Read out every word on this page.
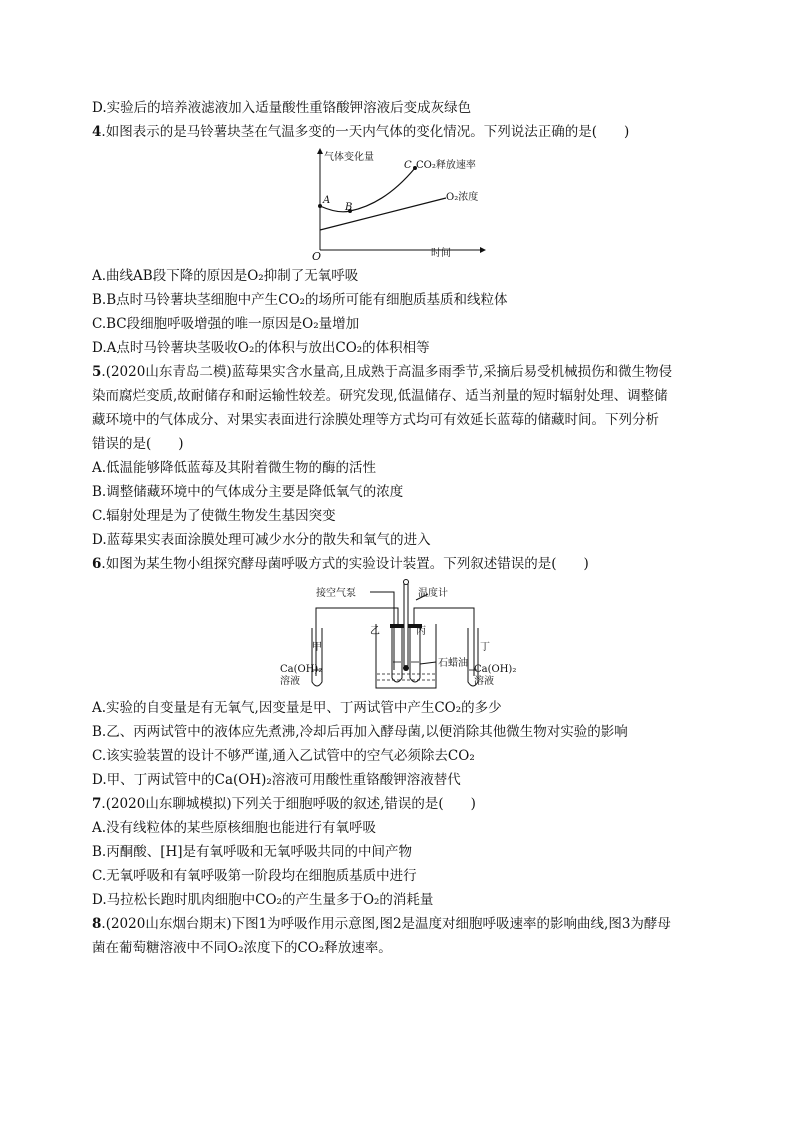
D.实验后的培养液滤液加入适量酸性重铬酸钾溶液后变成灰绿色
4.如图表示的是马铃薯块茎在气温多变的一天内气体的变化情况。下列说法正确的是(　　)
气体变化量
时间
O
A
B
C CO₂释放速率
O₂浓度
A.曲线AB段下降的原因是O₂抑制了无氧呼吸
B.B点时马铃薯块茎细胞中产生CO₂的场所可能有细胞质基质和线粒体
C.BC段细胞呼吸增强的唯一原因是O₂量增加
D.A点时马铃薯块茎吸收O₂的体积与放出CO₂的体积相等
5.(2020山东青岛二模)蓝莓果实含水量高,且成熟于高温多雨季节,采摘后易受机械损伤和微生物侵
染而腐烂变质,故耐储存和耐运输性较差。研究发现,低温储存、适当剂量的短时辐射处理、调整储
藏环境中的气体成分、对果实表面进行涂膜处理等方式均可有效延长蓝莓的储藏时间。下列分析
错误的是(　　)
A.低温能够降低蓝莓及其附着微生物的酶的活性
B.调整储藏环境中的气体成分主要是降低氧气的浓度
C.辐射处理是为了使微生物发生基因突变
D.蓝莓果实表面涂膜处理可减少水分的散失和氧气的进入
6.如图为某生物小组探究酵母菌呼吸方式的实验设计装置。下列叙述错误的是(　　)
接空气泵	温度计
甲
乙	丙
丁
石蜡油
Ca(OH)₂
溶液
Ca(OH)₂
溶液
A.实验的自变量是有无氧气,因变量是甲、丁两试管中产生CO₂的多少
B.乙、丙两试管中的液体应先煮沸,冷却后再加入酵母菌,以便消除其他微生物对实验的影响
C.该实验装置的设计不够严谨,通入乙试管中的空气必须除去CO₂
D.甲、丁两试管中的Ca(OH)₂溶液可用酸性重铬酸钾溶液替代
7.(2020山东聊城模拟)下列关于细胞呼吸的叙述,错误的是(　　)
A.没有线粒体的某些原核细胞也能进行有氧呼吸
B.丙酮酸、[H]是有氧呼吸和无氧呼吸共同的中间产物
C.无氧呼吸和有氧呼吸第一阶段均在细胞质基质中进行
D.马拉松长跑时肌肉细胞中CO₂的产生量多于O₂的消耗量
8.(2020山东烟台期末)下图1为呼吸作用示意图,图2是温度对细胞呼吸速率的影响曲线,图3为酵母
菌在葡萄糖溶液中不同O₂浓度下的CO₂释放速率。
